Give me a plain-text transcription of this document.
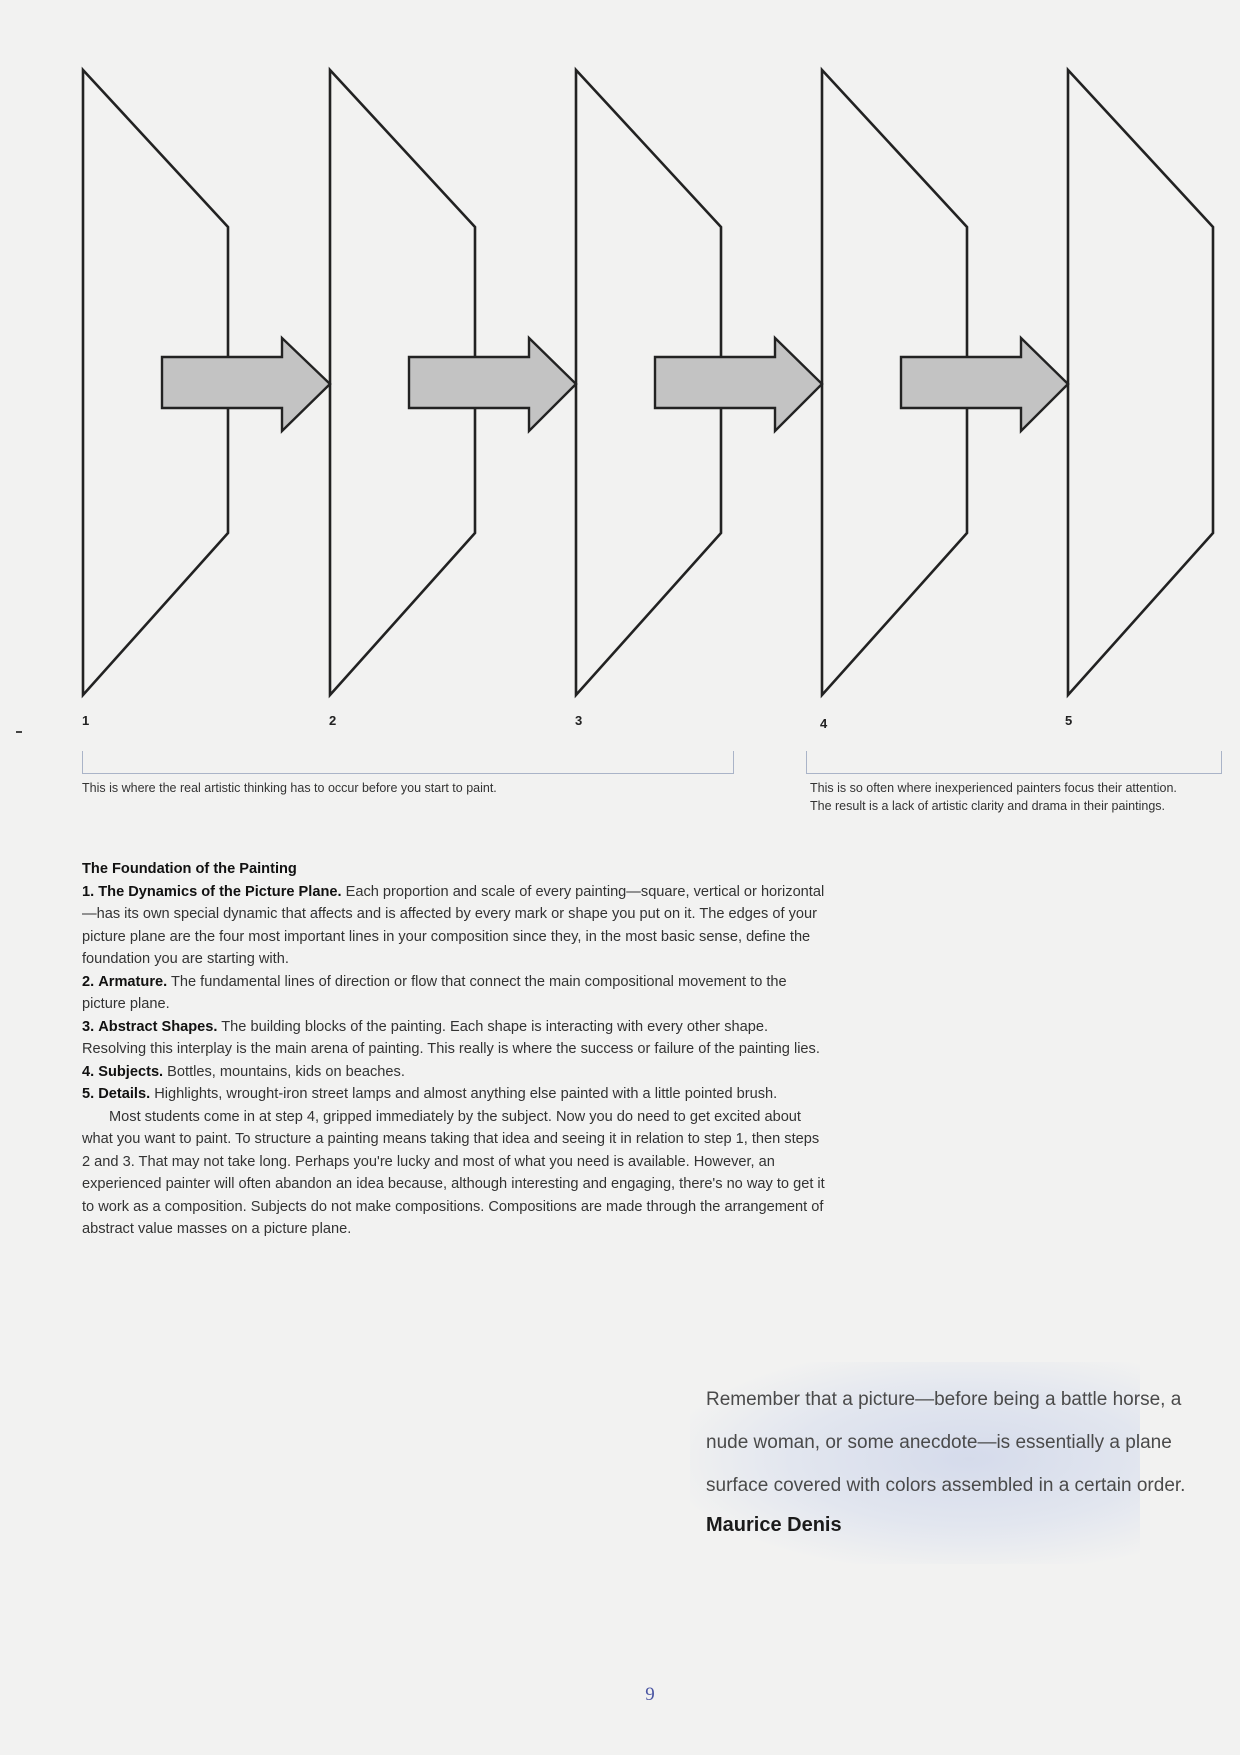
1	2	3	4	5
This is where the real artistic thinking has to occur before you start to paint.	This is so often where inexperienced painters focus their attention.
The result is a lack of artistic clarity and drama in their paintings.

The Foundation of the Painting

1. The Dynamics of the Picture Plane. Each proportion and scale of every painting—square, vertical or horizontal—has its own special dynamic that affects and is affected by every mark or shape you put on it. The edges of your picture plane are the four most important lines in your composition since they, in the most basic sense, define the foundation you are starting with.

2. Armature. The fundamental lines of direction or flow that connect the main compositional movement to the picture plane.

3. Abstract Shapes. The building blocks of the painting. Each shape is interacting with every other shape. Resolving this interplay is the main arena of painting. This really is where the success or failure of the painting lies.

4. Subjects. Bottles, mountains, kids on beaches.

5. Details. Highlights, wrought-iron street lamps and almost anything else painted with a little pointed brush.

Most students come in at step 4, gripped immediately by the subject. Now you do need to get excited about what you want to paint. To structure a painting means taking that idea and seeing it in relation to step 1, then steps 2 and 3. That may not take long. Perhaps you're lucky and most of what you need is available. However, an experienced painter will often abandon an idea because, although interesting and engaging, there's no way to get it to work as a composition. Subjects do not make compositions. Compositions are made through the arrangement of abstract value masses on a picture plane.

Remember that a picture—before being a battle horse, a nude woman, or some anecdote—is essentially a plane surface covered with colors assembled in a certain order.
Maurice Denis
9
